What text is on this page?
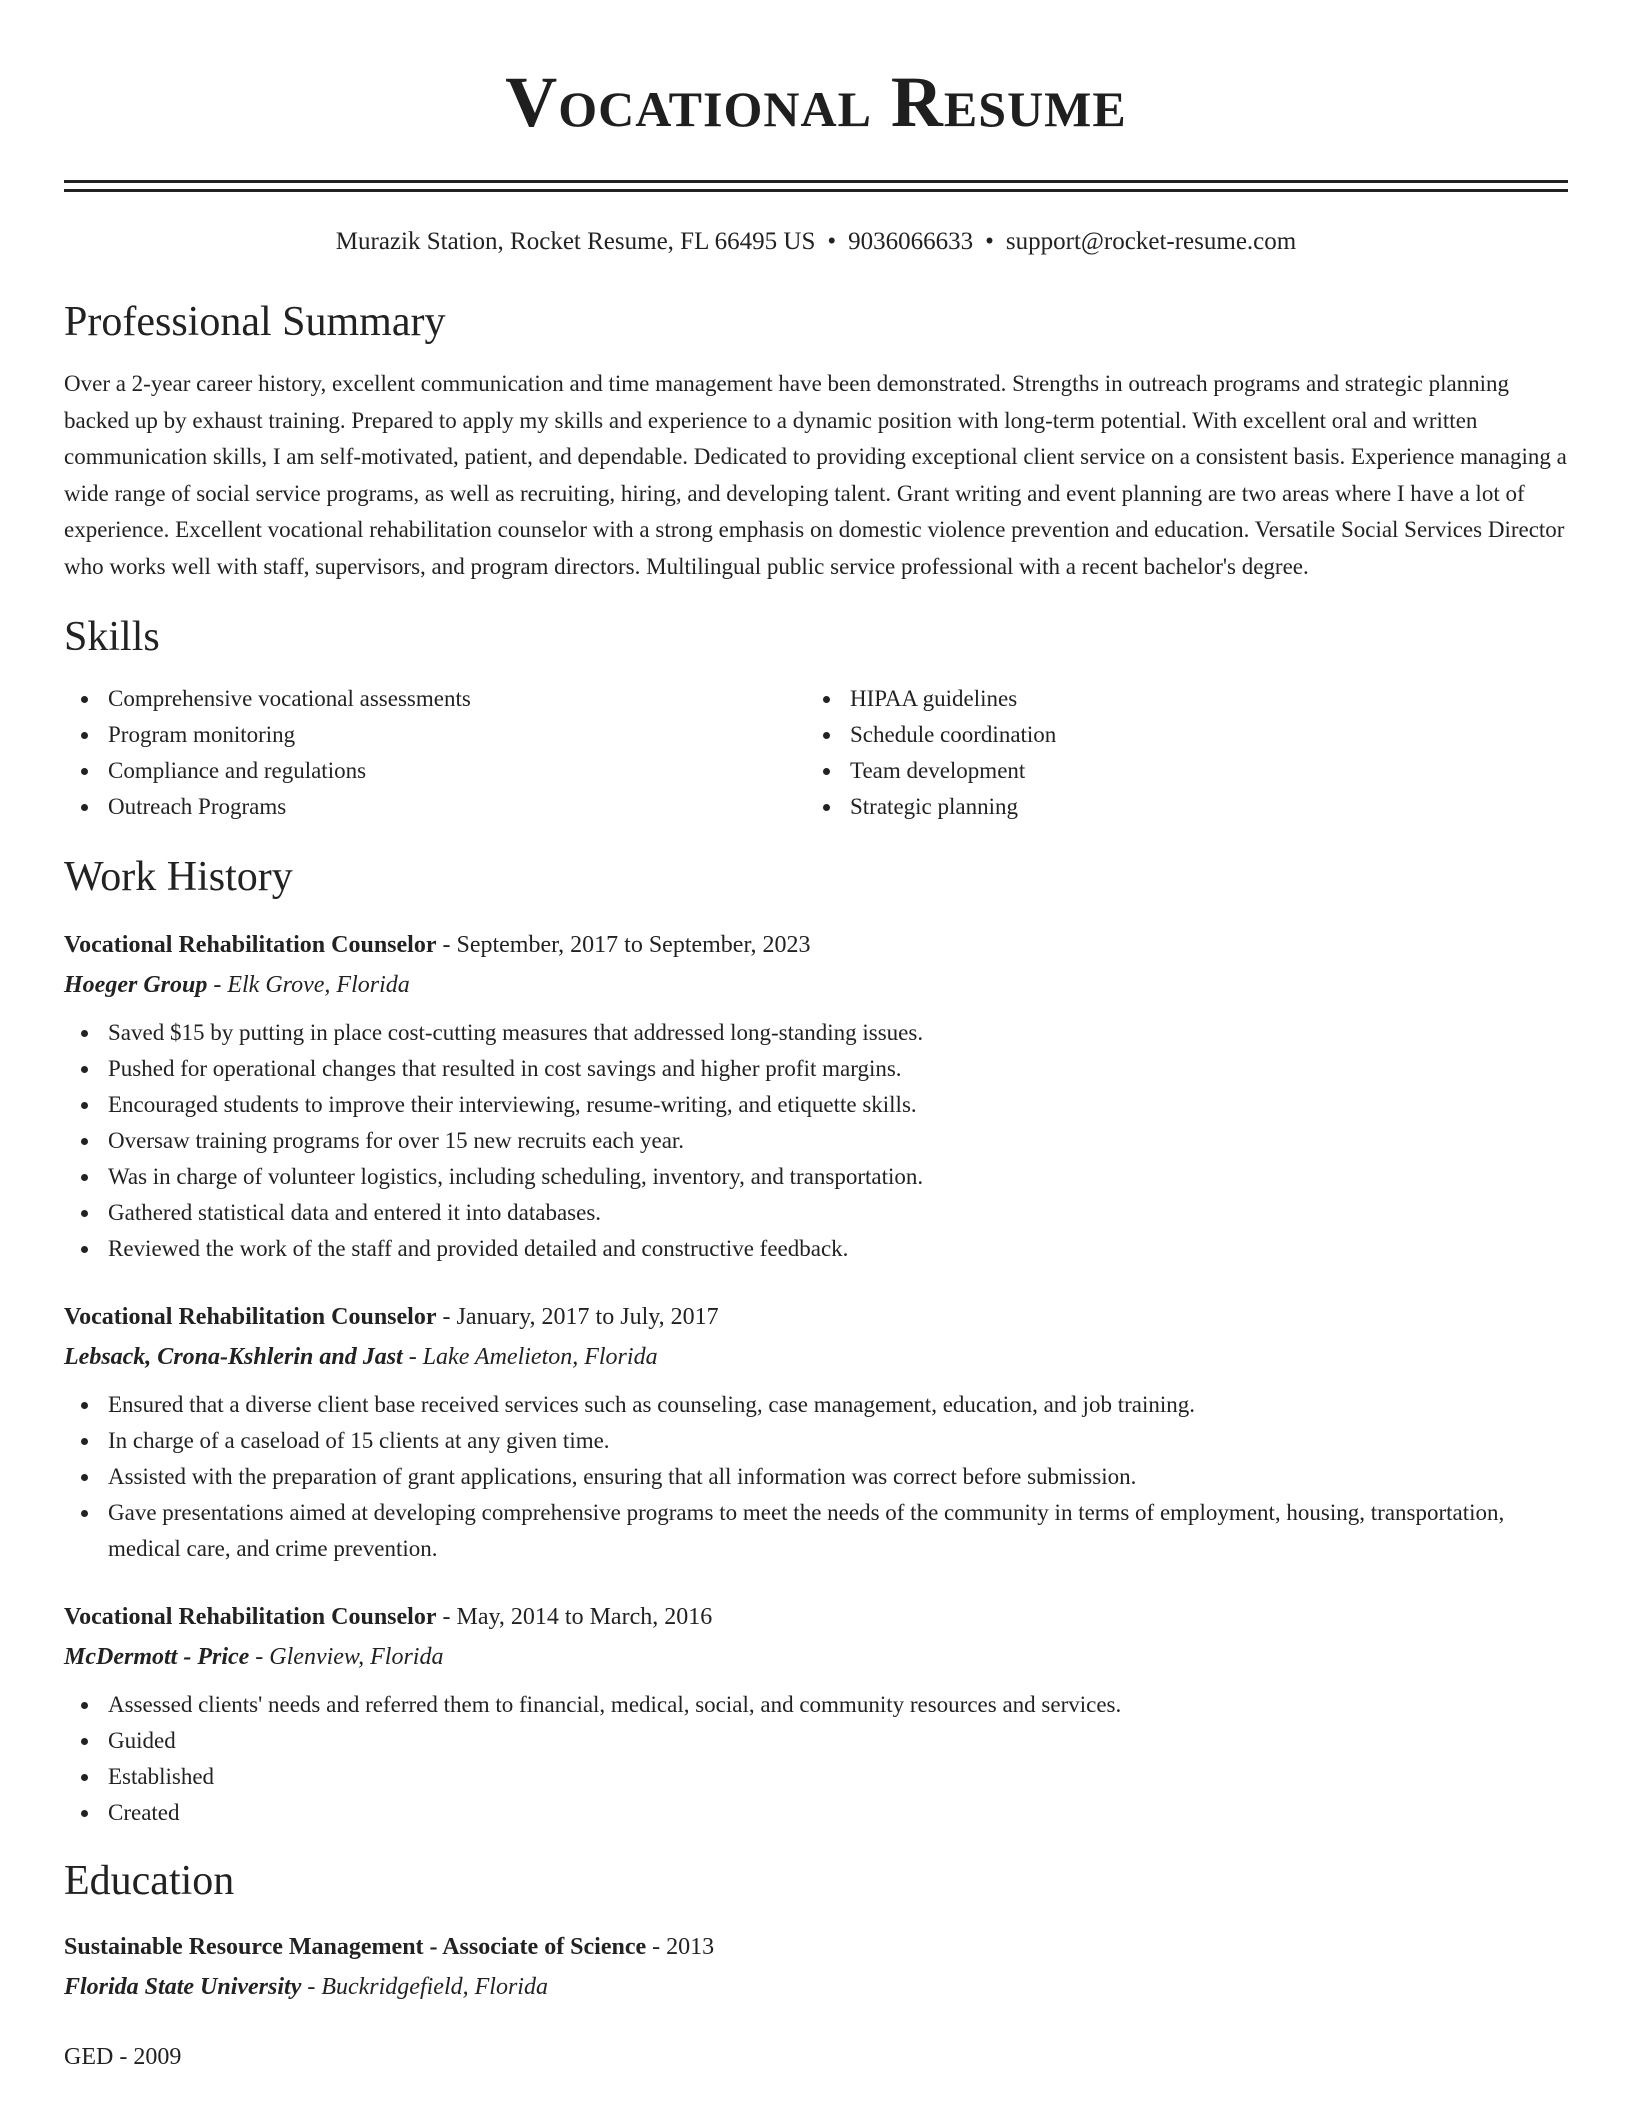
Vocational Resume
Murazik Station, Rocket Resume, FL 66495 US • 9036066633 • support@rocket-resume.com
Professional Summary

Over a 2-year career history, excellent communication and time management have been demonstrated. Strengths in outreach programs and strategic planning backed up by exhaust training. Prepared to apply my skills and experience to a dynamic position with long-term potential. With excellent oral and written communication skills, I am self-motivated, patient, and dependable. Dedicated to providing exceptional client service on a consistent basis. Experience managing a wide range of social service programs, as well as recruiting, hiring, and developing talent. Grant writing and event planning are two areas where I have a lot of experience. Excellent vocational rehabilitation counselor with a strong emphasis on domestic violence prevention and education. Versatile Social Services Director who works well with staff, supervisors, and program directors. Multilingual public service professional with a recent bachelor's degree.

Skills
Comprehensive vocational assessments
Program monitoring
Compliance and regulations
Outreach Programs
HIPAA guidelines
Schedule coordination
Team development
Strategic planning
Work History
Vocational Rehabilitation Counselor - September, 2017 to September, 2023
Hoeger Group - Elk Grove, Florida
Saved $15 by putting in place cost-cutting measures that addressed long-standing issues.
Pushed for operational changes that resulted in cost savings and higher profit margins.
Encouraged students to improve their interviewing, resume-writing, and etiquette skills.
Oversaw training programs for over 15 new recruits each year.
Was in charge of volunteer logistics, including scheduling, inventory, and transportation.
Gathered statistical data and entered it into databases.
Reviewed the work of the staff and provided detailed and constructive feedback.
Vocational Rehabilitation Counselor - January, 2017 to July, 2017
Lebsack, Crona-Kshlerin and Jast - Lake Amelieton, Florida
Ensured that a diverse client base received services such as counseling, case management, education, and job training.
In charge of a caseload of 15 clients at any given time.
Assisted with the preparation of grant applications, ensuring that all information was correct before submission.
Gave presentations aimed at developing comprehensive programs to meet the needs of the community in terms of employment, housing, transportation, medical care, and crime prevention.
Vocational Rehabilitation Counselor - May, 2014 to March, 2016
McDermott - Price - Glenview, Florida
Assessed clients' needs and referred them to financial, medical, social, and community resources and services.
Guided
Established
Created
Education
Sustainable Resource Management - Associate of Science - 2013
Florida State University - Buckridgefield, Florida
GED - 2009
